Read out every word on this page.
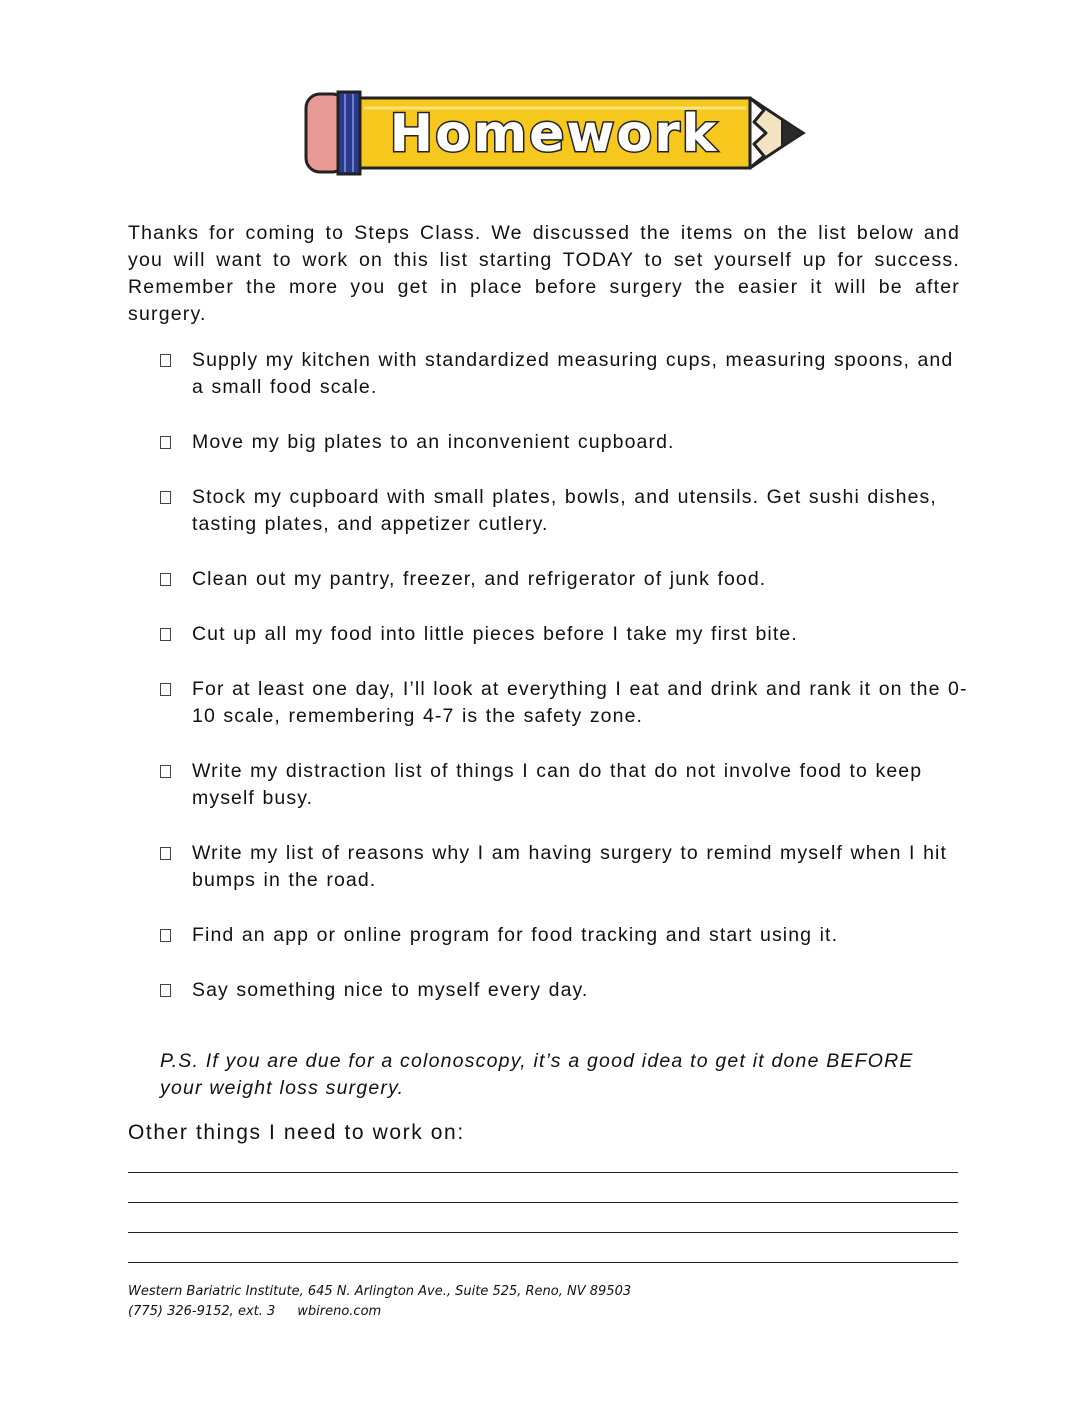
Homework

Thanks for coming to Steps Class. We discussed the items on the list below and you will want to work on this list starting TODAY to set yourself up for success. Remember the more you get in place before surgery the easier it will be after surgery.

Supply my kitchen with standardized measuring cups, measuring spoons, and a small food scale.
Move my big plates to an inconvenient cupboard.
Stock my cupboard with small plates, bowls, and utensils. Get sushi dishes, tasting plates, and appetizer cutlery.
Clean out my pantry, freezer, and refrigerator of junk food.
Cut up all my food into little pieces before I take my first bite.
For at least one day, I’ll look at everything I eat and drink and rank it on the 0-10 scale, remembering 4-7 is the safety zone.
Write my distraction list of things I can do that do not involve food to keep myself busy.
Write my list of reasons why I am having surgery to remind myself when I hit bumps in the road.
Find an app or online program for food tracking and start using it.
Say something nice to myself every day.

P.S. If you are due for a colonoscopy, it’s a good idea to get it done BEFORE your weight loss surgery.

Other things I need to work on:
Western Bariatric Institute, 645 N. Arlington Ave., Suite 525, Reno, NV 89503
(775) 326-9152, ext. 3 wbireno.com
